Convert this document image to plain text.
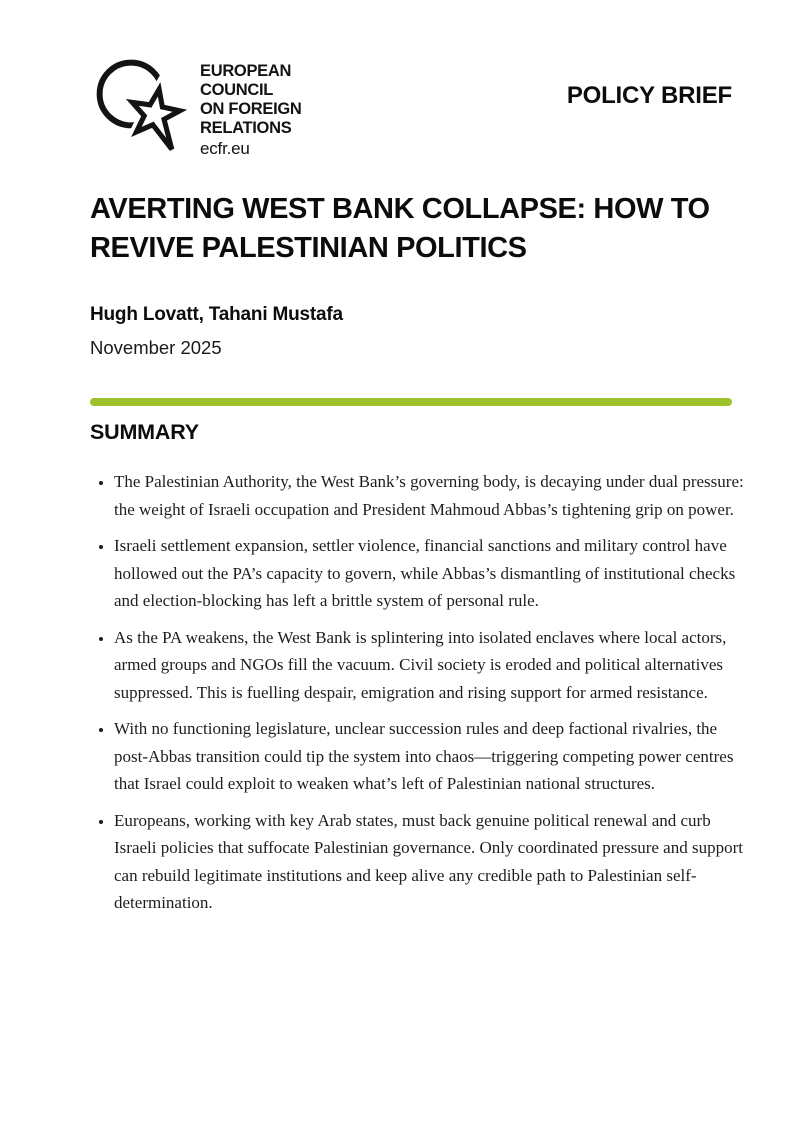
EUROPEAN
COUNCIL
ON FOREIGN
RELATIONS
ecfr.eu
POLICY BRIEF
AVERTING WEST BANK COLLAPSE: HOW TO REVIVE PALESTINIAN POLITICS
Hugh Lovatt, Tahani Mustafa
November 2025
SUMMARY
• The Palestinian Authority, the West Bank’s governing body, is decaying under dual pressure: the weight of Israeli occupation and President Mahmoud Abbas’s tightening grip on power.
• Israeli settlement expansion, settler violence, financial sanctions and military control have hollowed out the PA’s capacity to govern, while Abbas’s dismantling of institutional checks and election-blocking has left a brittle system of personal rule.
• As the PA weakens, the West Bank is splintering into isolated enclaves where local actors, armed groups and NGOs fill the vacuum. Civil society is eroded and political alternatives suppressed. This is fuelling despair, emigration and rising support for armed resistance.
• With no functioning legislature, unclear succession rules and deep factional rivalries, the post-Abbas transition could tip the system into chaos—triggering competing power centres that Israel could exploit to weaken what’s left of Palestinian national structures.
• Europeans, working with key Arab states, must back genuine political renewal and curb Israeli policies that suffocate Palestinian governance. Only coordinated pressure and support can rebuild legitimate institutions and keep alive any credible path to Palestinian self-determination.
